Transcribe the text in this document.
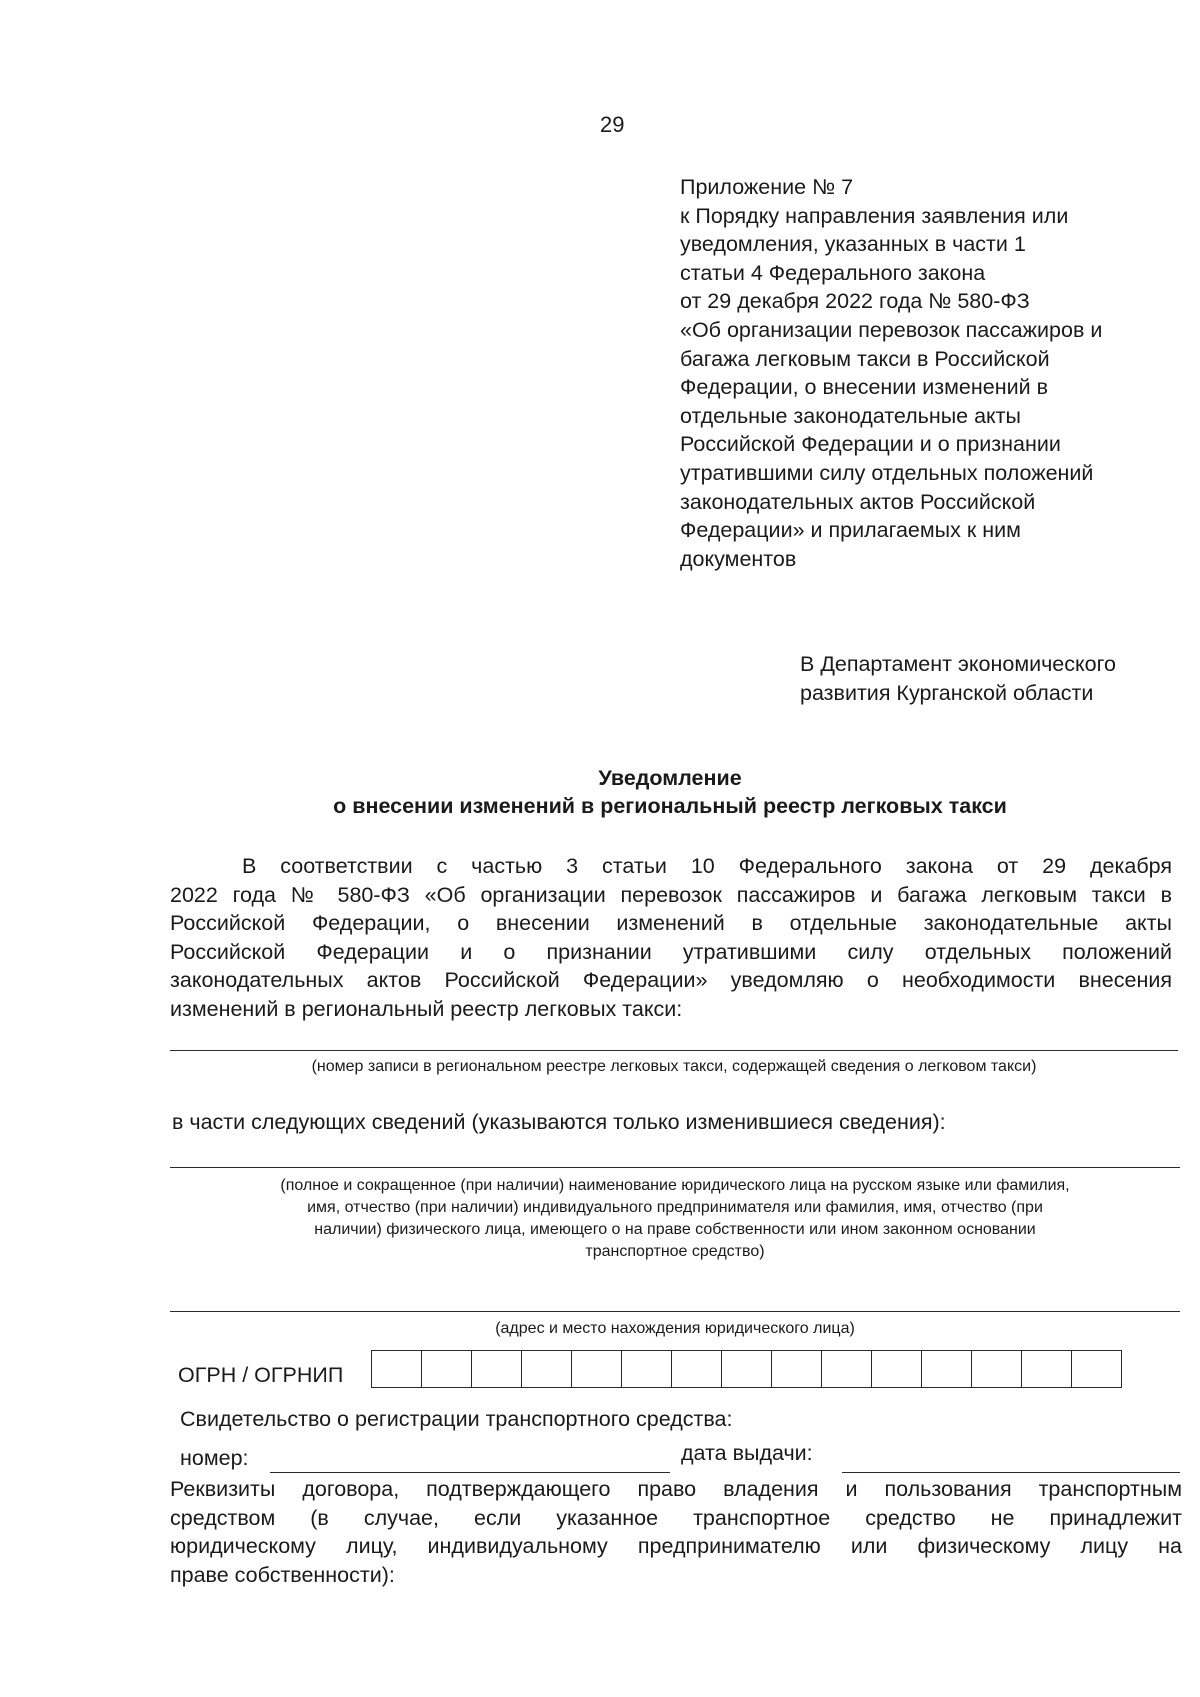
29
Приложение № 7
к Порядку направления заявления или
уведомления, указанных в части 1
статьи 4 Федерального закона
от 29 декабря 2022 года № 580-ФЗ
«Об организации перевозок пассажиров и
багажа легковым такси в Российской
Федерации, о внесении изменений в
отдельные законодательные акты
Российской Федерации и о признании
утратившими силу отдельных положений
законодательных актов Российской
Федерации» и прилагаемых к ним
документов
В Департамент экономического
развития Курганской области
Уведомление
о внесении изменений в региональный реестр легковых такси
В соответствии с частью 3 статьи 10 Федерального закона от 29 декабря
2022 года № 580-ФЗ «Об организации перевозок пассажиров и багажа легковым такси в
Российской Федерации, о внесении изменений в отдельные законодательные акты
Российской Федерации и о признании утратившими силу отдельных положений
законодательных актов Российской Федерации» уведомляю о необходимости внесения
изменений в региональный реестр легковых такси:
(номер записи в региональном реестре легковых такси, содержащей сведения о легковом такси)
в части следующих сведений (указываются только изменившиеся сведения):
(полное и сокращенное (при наличии) наименование юридического лица на русском языке или фамилия,
имя, отчество (при наличии) индивидуального предпринимателя или фамилия, имя, отчество (при
наличии) физического лица, имеющего о на праве собственности или ином законном основании
транспортное средство)
(адрес и место нахождения юридического лица)
ОГРН / ОГРНИП
Свидетельство о регистрации транспортного средства:
номер:	дата выдачи:
Реквизиты договора, подтверждающего право владения и пользования транспортным
средством (в случае, если указанное транспортное средство не принадлежит
юридическому лицу, индивидуальному предпринимателю или физическому лицу на
праве собственности):
